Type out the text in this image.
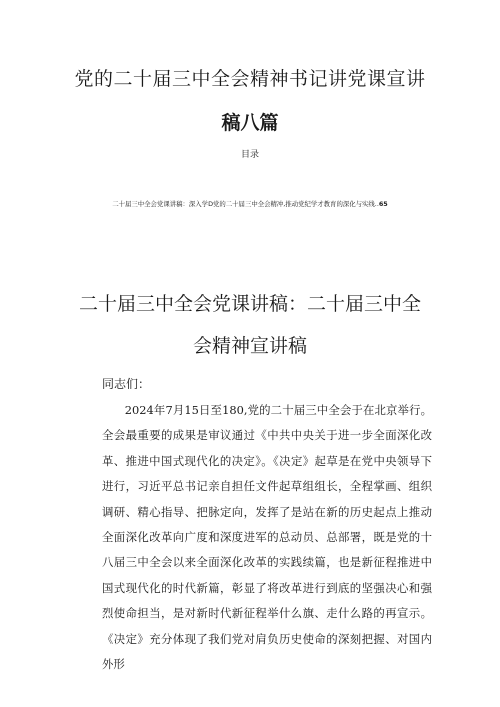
党的二十届三中全会精神书记讲党课宣讲
稿八篇
目录
二十届三中全会党课讲稿：深入学D党的二十届三中全会精冲,推动党纪学才教育的深化与实线..65
二十届三中全会党课讲稿：二十届三中全
会精神宣讲稿
同志们：

2024年7月15日至180,党的二十届三中全会于在北京举行。全会最重要的成果是审议通过《中共中央关于进一步全面深化改革、推进中国式现代化的决定》。《决定》起草是在党中央领导下进行，习近平总书记亲自担任文件起草组组长，全程掌画、组织调研、精心指导、把脉定向，发挥了是站在新的历史起点上推动全面深化改革向广度和深度进军的总动员、总部署，既是党的十八届三中全会以来全面深化改革的实践续篇，也是新征程推进中国式现代化的时代新篇，彰显了将改革进行到底的坚强决心和强烈使命担当，是对新时代新征程举什么旗、走什么路的再宣示。《决定》充分体现了我们党对肩负历史使命的深刻把握、对国内外形
